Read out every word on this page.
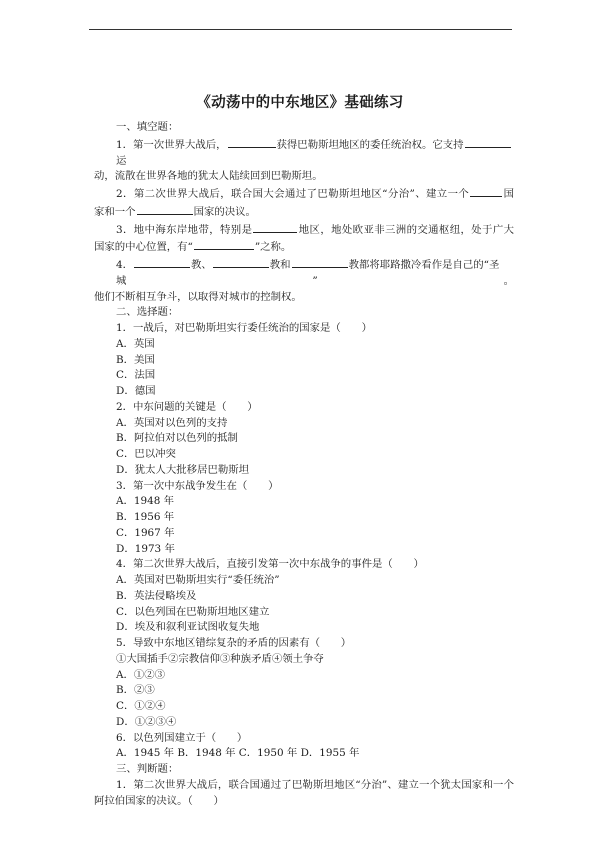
《动荡中的中东地区》基础练习
一、填空题：
1．第一次世界大战后，	获得巴勒斯坦地区的委任统治权。它支持运
动，流散在世界各地的犹太人陆续回到巴勒斯坦。
2．第二次世界大战后，联合国大会通过了巴勒斯坦地区“分治”、建立一个	国
家和一个	国家的决议。
3．地中海东岸地带，特别是	地区，地处欧亚非三洲的交通枢纽，处于广大
国家的中心位置，有“	”之称。
4．	教、	教和	教都将耶路撒冷看作是自己的“圣城”。
他们不断相互争斗，以取得对城市的控制权。
二、选择题：
1．一战后，对巴勒斯坦实行委任统治的国家是（　　）
A．英国
B．美国
C．法国
D．德国
2．中东问题的关键是（　　）
A．英国对以色列的支持
B．阿拉伯对以色列的抵制
C．巴以冲突
D．犹太人大批移居巴勒斯坦
3．第一次中东战争发生在（　　）
A．1948 年
B．1956 年
C．1967 年
D．1973 年
4．第二次世界大战后，直接引发第一次中东战争的事件是（　　）
A．英国对巴勒斯坦实行“委任统治”
B．英法侵略埃及
C．以色列国在巴勒斯坦地区建立
D．埃及和叙利亚试图收复失地
5．导致中东地区错综复杂的矛盾的因素有（　　）
①大国插手②宗教信仰③种族矛盾④领土争夺
A．①②③
B．②③
C．①②④
D．①②③④
6．以色列国建立于（　　）
A．1945 年 B．1948 年 C．1950 年 D．1955 年
三、判断题：
1．第二次世界大战后，联合国通过了巴勒斯坦地区“分治”、建立一个犹太国家和一个
阿拉伯国家的决议。（　　）
